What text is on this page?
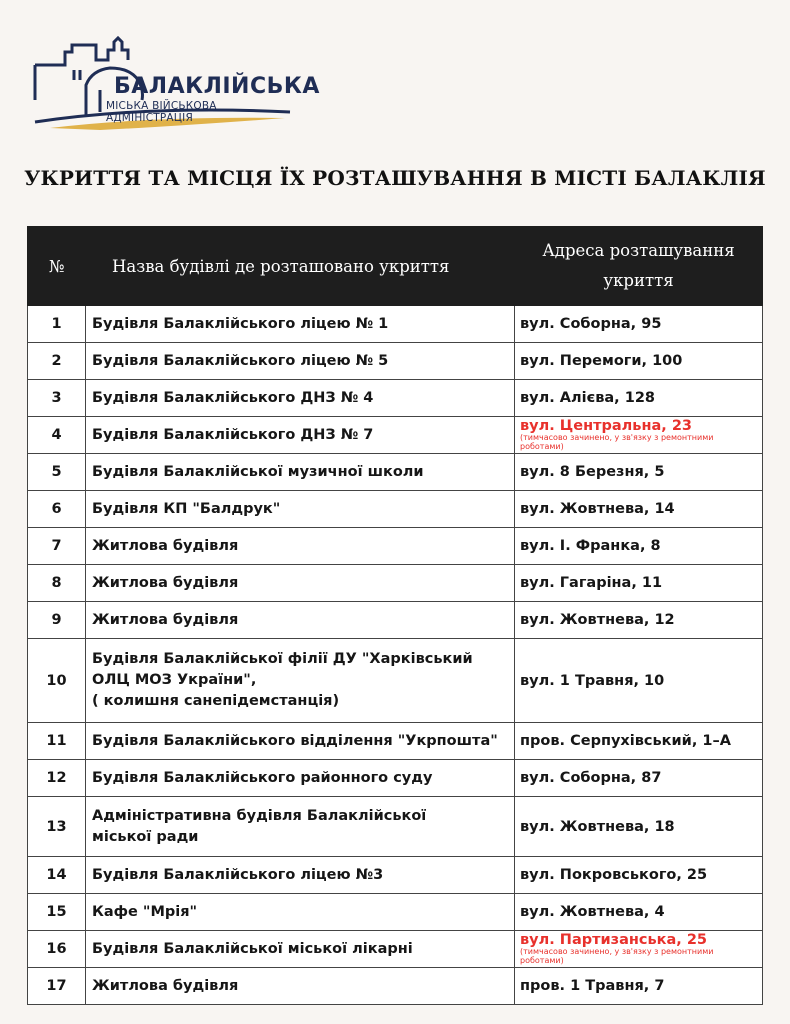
БАЛАКЛІЙСЬКА
МІСЬКА ВІЙСЬКОВА АДМІНІСТРАЦІЯ
УКРИТТЯ ТА МІСЦЯ ЇХ РОЗТАШУВАННЯ В МІСТІ БАЛАКЛІЯ
№	Назва будівлі де розташовано укриття	Адреса розташування укриття
1	Будівля Балаклійського ліцею № 1	вул. Соборна, 95
2	Будівля Балаклійського ліцею № 5	вул. Перемоги, 100
3	Будівля Балаклійського ДНЗ № 4	вул. Алієва, 128
4	Будівля Балаклійського ДНЗ № 7	вул. Центральна, 23
(тимчасово зачинено, у зв'язку з ремонтними роботами)

5	Будівля Балаклійської музичної школи	вул. 8 Березня, 5
6	Будівля КП "Балдрук"	вул. Жовтнева, 14
7	Житлова будівля	вул. І. Франка, 8
8	Житлова будівля	вул. Гагаріна, 11
9	Житлова будівля	вул. Жовтнева, 12
10	Будівля Балаклійської філії ДУ "Харківський
ОЛЦ МОЗ України",
( колишня санепідемстанція)	вул. 1 Травня, 10
11	Будівля Балаклійського відділення "Укрпошта"	пров. Серпухівський, 1–А
12	Будівля Балаклійського районного суду	вул. Соборна, 87
13	Адміністративна будівля Балаклійської
міської ради	вул. Жовтнева, 18
14	Будівля Балаклійського ліцею №3	вул. Покровського, 25
15	Кафе "Мрія"	вул. Жовтнева, 4
16	Будівля Балаклійської міської лікарні	вул. Партизанська, 25
(тимчасово зачинено, у зв'язку з ремонтними роботами)

17	Житлова будівля	пров. 1 Травня, 7
